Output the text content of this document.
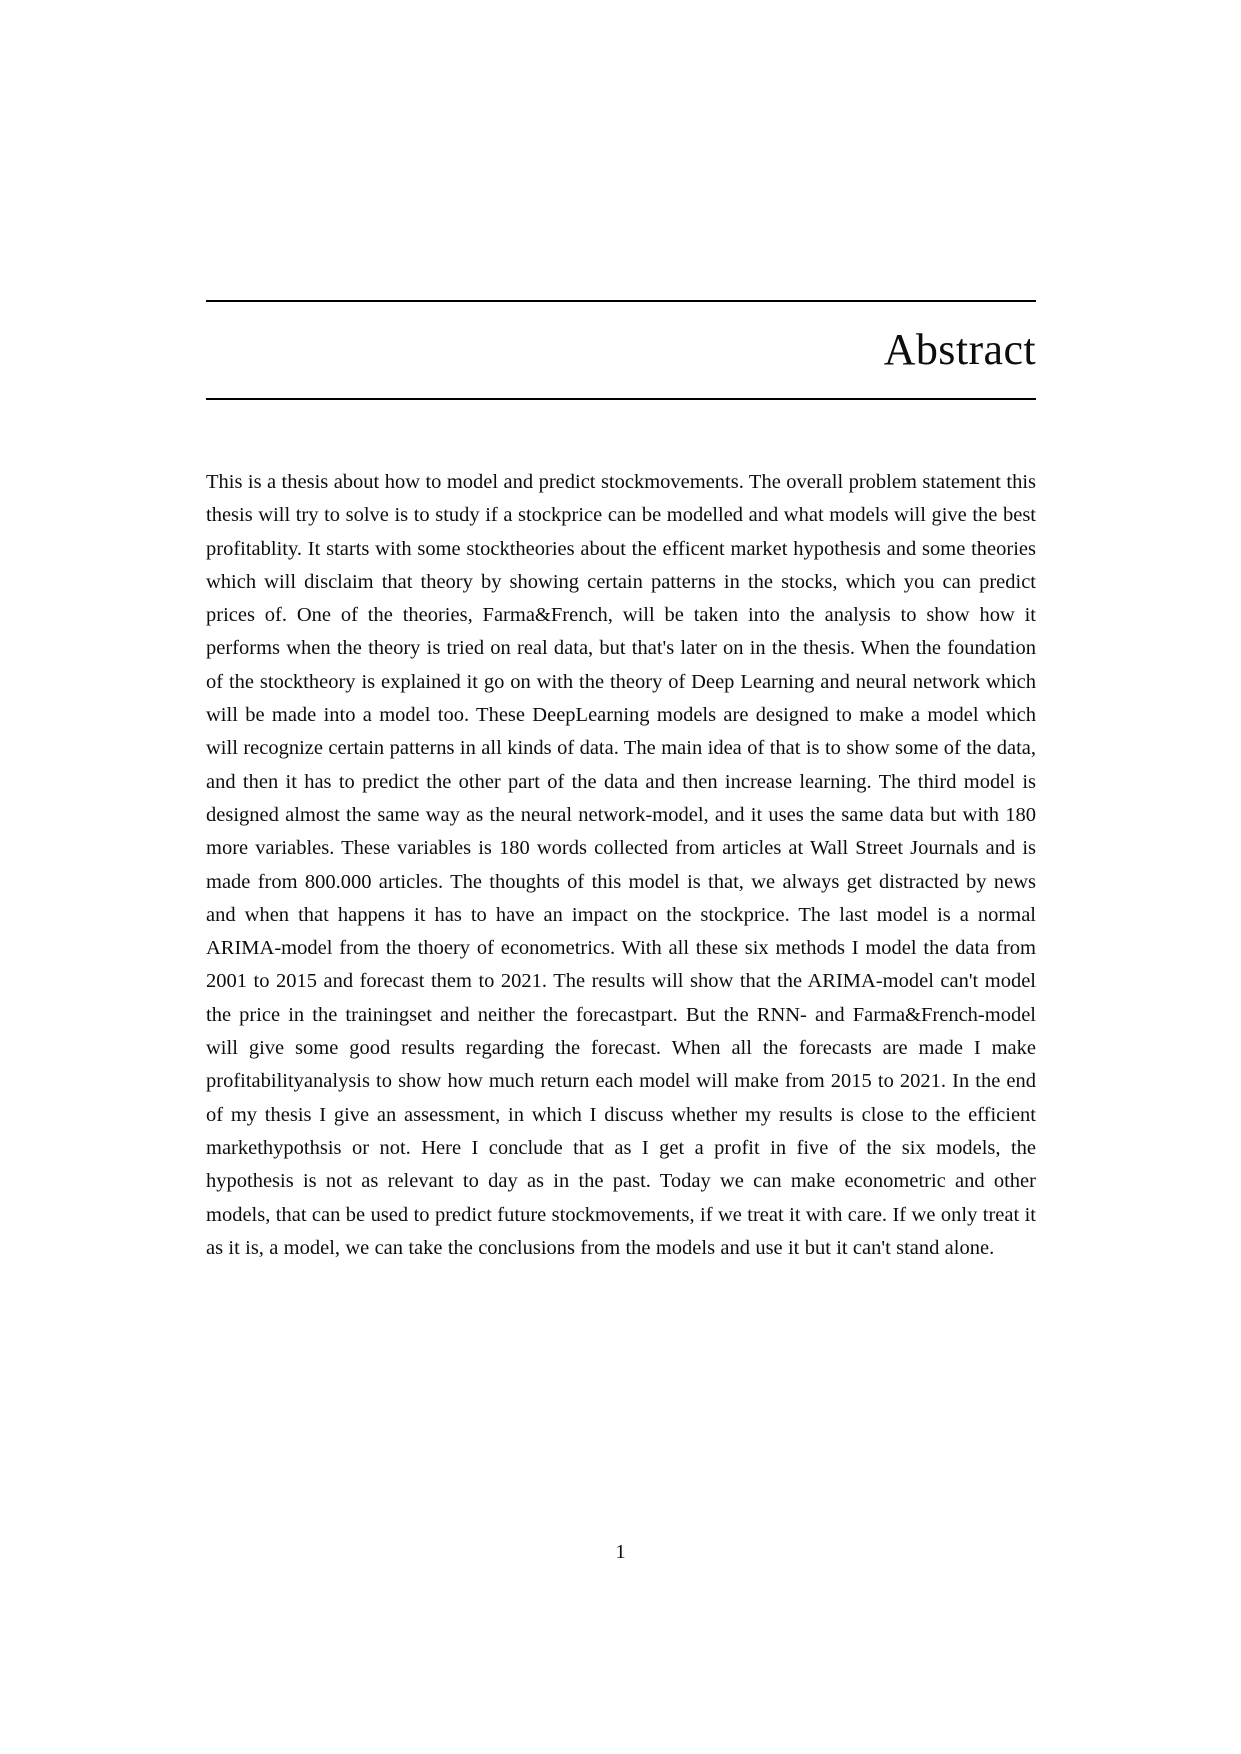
Abstract

This is a thesis about how to model and predict stockmovements. The overall problem statement this thesis will try to solve is to study if a stockprice can be modelled and what models will give the best profitablity. It starts with some stocktheories about the efficent market hypothesis and some theories which will disclaim that theory by showing certain patterns in the stocks, which you can predict prices of. One of the theories, Farma&French, will be taken into the analysis to show how it performs when the theory is tried on real data, but that's later on in the thesis. When the foundation of the stocktheory is explained it go on with the theory of Deep Learning and neural network which will be made into a model too. These DeepLearning models are designed to make a model which will recognize certain patterns in all kinds of data. The main idea of that is to show some of the data, and then it has to predict the other part of the data and then increase learning. The third model is designed almost the same way as the neural network-model, and it uses the same data but with 180 more variables. These variables is 180 words collected from articles at Wall Street Journals and is made from 800.000 articles. The thoughts of this model is that, we always get distracted by news and when that happens it has to have an impact on the stockprice. The last model is a normal ARIMA-model from the thoery of econometrics. With all these six methods I model the data from 2001 to 2015 and forecast them to 2021. The results will show that the ARIMA-model can't model the price in the trainingset and neither the forecastpart. But the RNN- and Farma&French-model will give some good results regarding the forecast. When all the forecasts are made I make profitabilityanalysis to show how much return each model will make from 2015 to 2021. In the end of my thesis I give an assessment, in which I discuss whether my results is close to the efficient markethypothsis or not. Here I conclude that as I get a profit in five of the six models, the hypothesis is not as relevant to day as in the past. Today we can make econometric and other models, that can be used to predict future stockmovements, if we treat it with care. If we only treat it as it is, a model, we can take the conclusions from the models and use it but it can't stand alone.

1
